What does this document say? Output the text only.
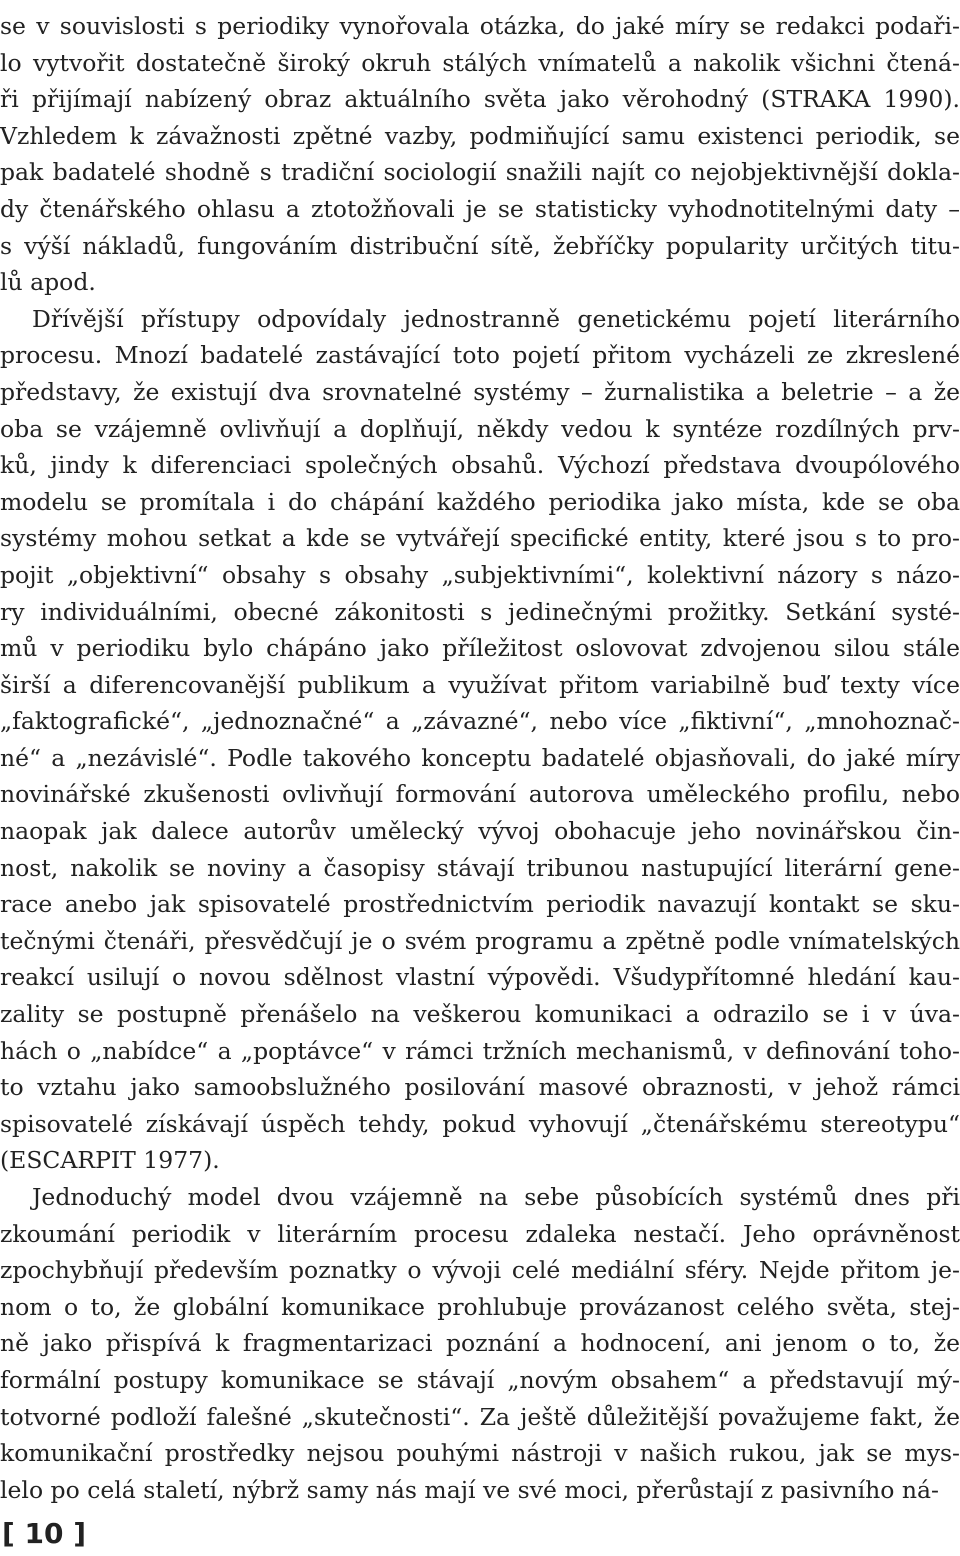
se v souvislosti s periodiky vynořovala otázka, do jaké míry se redakci podaři-
lo vytvořit dostatečně široký okruh stálých vnímatelů a nakolik všichni čtená-
ři přijímají nabízený obraz aktuálního světa jako věrohodný (STRAKA 1990).
Vzhledem k závažnosti zpětné vazby, podmiňující samu existenci periodik, se
pak badatelé shodně s tradiční sociologií snažili najít co nejobjektivnější dokla-
dy čtenářského ohlasu a ztotožňovali je se statisticky vyhodnotitelnými daty –
s výší nákladů, fungováním distribuční sítě, žebříčky popularity určitých titu-
lů apod.
Dřívější přístupy odpovídaly jednostranně genetickému pojetí literárního
procesu. Mnozí badatelé zastávající toto pojetí přitom vycházeli ze zkreslené
představy, že existují dva srovnatelné systémy – žurnalistika a beletrie – a že
oba se vzájemně ovlivňují a doplňují, někdy vedou k syntéze rozdílných prv-
ků, jindy k diferenciaci společných obsahů. Výchozí představa dvoupólového
modelu se promítala i do chápání každého periodika jako místa, kde se oba
systémy mohou setkat a kde se vytvářejí specifické entity, které jsou s to pro-
pojit „objektivní“ obsahy s obsahy „subjektivními“, kolektivní názory s názo-
ry individuálními, obecné zákonitosti s jedinečnými prožitky. Setkání systé-
mů v periodiku bylo chápáno jako příležitost oslovovat zdvojenou silou stále
širší a diferencovanější publikum a využívat přitom variabilně buď texty více
„faktografické“, „jednoznačné“ a „závazné“, nebo více „fiktivní“, „mnohoznač-
né“ a „nezávislé“. Podle takového konceptu badatelé objasňovali, do jaké míry
novinářské zkušenosti ovlivňují formování autorova uměleckého profilu, nebo
naopak jak dalece autorův umělecký vývoj obohacuje jeho novinářskou čin-
nost, nakolik se noviny a časopisy stávají tribunou nastupující literární gene-
race anebo jak spisovatelé prostřednictvím periodik navazují kontakt se sku-
tečnými čtenáři, přesvědčují je o svém programu a zpětně podle vnímatelských
reakcí usilují o novou sdělnost vlastní výpovědi. Všudypřítomné hledání kau-
zality se postupně přenášelo na veškerou komunikaci a odrazilo se i v úva-
hách o „nabídce“ a „poptávce“ v rámci tržních mechanismů, v definování toho-
to vztahu jako samoobslužného posilování masové obraznosti, v jehož rámci
spisovatelé získávají úspěch tehdy, pokud vyhovují „čtenářskému stereotypu“
(ESCARPIT 1977).
Jednoduchý model dvou vzájemně na sebe působících systémů dnes při
zkoumání periodik v literárním procesu zdaleka nestačí. Jeho oprávněnost
zpochybňují především poznatky o vývoji celé mediální sféry. Nejde přitom je-
nom o to, že globální komunikace prohlubuje provázanost celého světa, stej-
ně jako přispívá k fragmentarizaci poznání a hodnocení, ani jenom o to, že
formální postupy komunikace se stávají „novým obsahem“ a představují mý-
totvorné podloží falešné „skutečnosti“. Za ještě důležitější považujeme fakt, že
komunikační prostředky nejsou pouhými nástroji v našich rukou, jak se mys-
lelo po celá staletí, nýbrž samy nás mají ve své moci, přerůstají z pasivního ná-
[ 10 ]
